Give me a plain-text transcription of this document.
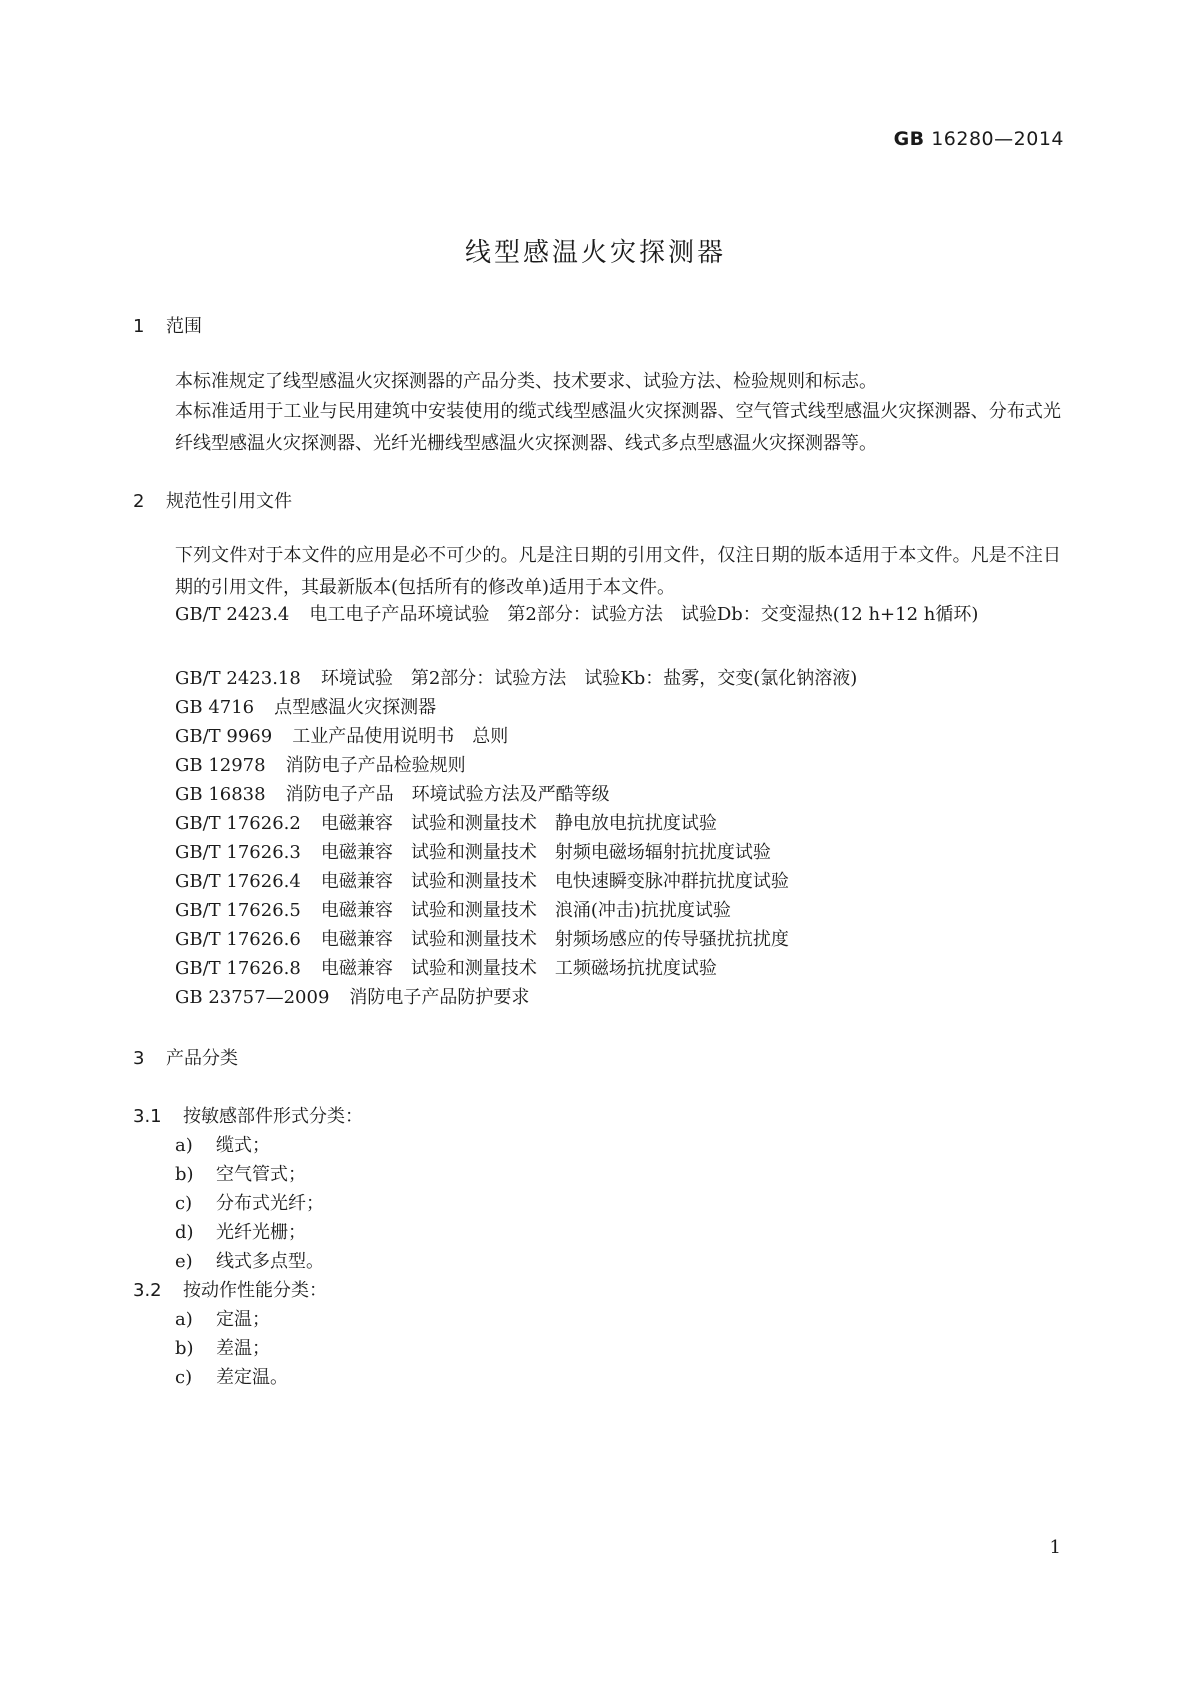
GB 16280—2014
线型感温火灾探测器
1 范围
本标准规定了线型感温火灾探测器的产品分类、技术要求、试验方法、检验规则和标志。
本标准适用于工业与民用建筑中安装使用的缆式线型感温火灾探测器、空气管式线型感温火灾探测器、分布式光纤线型感温火灾探测器、光纤光栅线型感温火灾探测器、线式多点型感温火灾探测器等。
2 规范性引用文件
下列文件对于本文件的应用是必不可少的。凡是注日期的引用文件，仅注日期的版本适用于本文件。凡是不注日期的引用文件，其最新版本(包括所有的修改单)适用于本文件。
GB/T 2423.4 电工电子产品环境试验　第2部分：试验方法　试验Db：交变湿热(12 h+12 h循环)
GB/T 2423.18 环境试验　第2部分：试验方法　试验Kb：盐雾，交变(氯化钠溶液)
GB 4716 点型感温火灾探测器
GB/T 9969 工业产品使用说明书　总则
GB 12978 消防电子产品检验规则
GB 16838 消防电子产品　环境试验方法及严酷等级
GB/T 17626.2 电磁兼容　试验和测量技术　静电放电抗扰度试验
GB/T 17626.3 电磁兼容　试验和测量技术　射频电磁场辐射抗扰度试验
GB/T 17626.4 电磁兼容　试验和测量技术　电快速瞬变脉冲群抗扰度试验
GB/T 17626.5 电磁兼容　试验和测量技术　浪涌(冲击)抗扰度试验
GB/T 17626.6 电磁兼容　试验和测量技术　射频场感应的传导骚扰抗扰度
GB/T 17626.8 电磁兼容　试验和测量技术　工频磁场抗扰度试验
GB 23757—2009 消防电子产品防护要求
3 产品分类
3.1 按敏感部件形式分类：
a) 缆式；
b) 空气管式；
c) 分布式光纤；
d) 光纤光栅；
e) 线式多点型。
3.2 按动作性能分类：
a) 定温；
b) 差温；
c) 差定温。
1
